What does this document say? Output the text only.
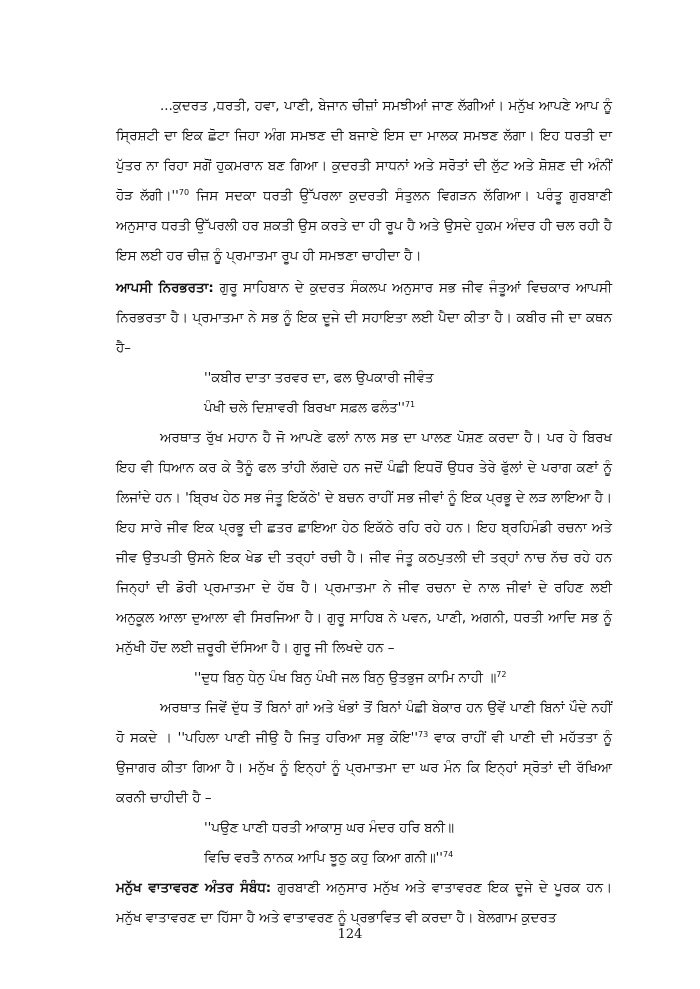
...ਕੁਦਰਤ ,ਧਰਤੀ, ਹਵਾ, ਪਾਣੀ, ਬੇਜਾਨ ਚੀਜ਼ਾਂ ਸਮਝੀਆਂ ਜਾਣ ਲੱਗੀਆਂ। ਮਨੁੱਖ ਆਪਣੇ ਆਪ ਨੂੰ ਸ੍ਰਿਸ਼ਟੀ ਦਾ ਇਕ ਛੋਟਾ ਜਿਹਾ ਅੰਗ ਸਮਝਣ ਦੀ ਬਜਾਏ ਇਸ ਦਾ ਮਾਲਕ ਸਮਝਣ ਲੱਗਾ। ਇਹ ਧਰਤੀ ਦਾ ਪੁੱਤਰ ਨਾ ਰਿਹਾ ਸਗੋਂ ਹੁਕਮਰਾਨ ਬਣ ਗਿਆ। ਕੁਦਰਤੀ ਸਾਧਨਾਂ ਅਤੇ ਸਰੋਤਾਂ ਦੀ ਲੁੱਟ ਅਤੇ ਸ਼ੋਸ਼ਣ ਦੀ ਅੰਨੀਂ ਹੋੜ $ਲੱਗੀ।''^{70}$ ਜਿਸ ਸਦਕਾ ਧਰਤੀ ਉੱਪਰਲਾ ਕੁਦਰਤੀ ਸੰਤੁਲਨ ਵਿਗੜਨ ਲੱਗਿਆ। ਪਰੰਤੂ ਗੁਰਬਾਣੀ ਅਨੁਸਾਰ ਧਰਤੀ ਉੱਪਰਲੀ ਹਰ ਸ਼ਕਤੀ ਉਸ ਕਰਤੇ ਦਾ ਹੀ ਰੂਪ ਹੈ ਅਤੇ ਉਸਦੇ ਹੁਕਮ ਅੰਦਰ ਹੀ ਚਲ ਰਹੀ ਹੈ ਇਸ ਲਈ ਹਰ ਚੀਜ਼ ਨੂੰ ਪ੍ਰਮਾਤਮਾ ਰੂਪ ਹੀ ਸਮਝਣਾ ਚਾਹੀਦਾ ਹੈ।

ਆਪਸੀ ਨਿਰਭਰਤਾ: ਗੁਰੂ ਸਾਹਿਬਾਨ ਦੇ ਕੁਦਰਤ ਸੰਕਲਪ ਅਨੁਸਾਰ ਸਭ ਜੀਵ ਜੰਤੂਆਂ ਵਿਚਕਾਰ ਆਪਸੀ ਨਿਰਭਰਤਾ ਹੈ। ਪ੍ਰਮਾਤਮਾ ਨੇ ਸਭ ਨੂੰ ਇਕ ਦੂਜੇ ਦੀ ਸਹਾਇਤਾ ਲਈ ਪੈਦਾ ਕੀਤਾ ਹੈ। ਕਬੀਰ ਜੀ ਦਾ ਕਥਨ ਹੈ–

''ਕਬੀਰ ਦਾਤਾ ਤਰਵਰ ਦਾ, ਫਲ ਉਪਕਾਰੀ ਜੀਵੰਤ

ਪੰਖੀ ਚਲੇ ਦਿਸ਼ਾਵਰੀ ਬਿਰਖਾ ਸਫ਼ਲ $ਫਲੰਤ''^{71}$

ਅਰਥਾਤ ਰੁੱਖ ਮਹਾਨ ਹੈ ਜੋ ਆਪਣੇ ਫਲਾਂ ਨਾਲ ਸਭ ਦਾ ਪਾਲਣ ਪੋਸ਼ਣ ਕਰਦਾ ਹੈ। ਪਰ ਹੇ ਬਿਰਖ ਇਹ ਵੀ ਧਿਆਨ ਕਰ ਕੇ ਤੈਨੂੰ ਫਲ ਤਾਂਹੀ ਲੱਗਦੇ ਹਨ ਜਦੋਂ ਪੰਛੀ ਇਧਰੋਂ ਉਧਰ ਤੇਰੇ ਫੁੱਲਾਂ ਦੇ ਪਰਾਗ ਕਣਾਂ ਨੂੰ ਲਿਜਾਂਦੇ ਹਨ। 'ਬ੍ਰਿਖ ਹੇਠ ਸਭ ਜੰਤੂ ਇਕੱਠੇ' ਦੇ ਬਚਨ ਰਾਹੀਂ ਸਭ ਜੀਵਾਂ ਨੂੰ ਇਕ ਪ੍ਰਭੂ ਦੇ ਲੜ ਲਾਇਆ ਹੈ। ਇਹ ਸਾਰੇ ਜੀਵ ਇਕ ਪ੍ਰਭੂ ਦੀ ਛਤਰ ਛਾਇਆ ਹੇਠ ਇਕੱਠੇ ਰਹਿ ਰਹੇ ਹਨ। ਇਹ ਬ੍ਰਹਿਮੰਡੀ ਰਚਨਾ ਅਤੇ ਜੀਵ ਉਤਪਤੀ ਉਸਨੇ ਇਕ ਖੇਡ ਦੀ ਤਰ੍ਹਾਂ ਰਚੀ ਹੈ। ਜੀਵ ਜੰਤੂ ਕਠਪੁਤਲੀ ਦੀ ਤਰ੍ਹਾਂ ਨਾਚ ਨੱਚ ਰਹੇ ਹਨ ਜਿਨ੍ਹਾਂ ਦੀ ਡੋਰੀ ਪ੍ਰਮਾਤਮਾ ਦੇ ਹੱਥ ਹੈ। ਪ੍ਰਮਾਤਮਾ ਨੇ ਜੀਵ ਰਚਨਾ ਦੇ ਨਾਲ ਜੀਵਾਂ ਦੇ ਰਹਿਣ ਲਈ ਅਨੁਕੂਲ ਆਲਾ ਦੁਆਲਾ ਵੀ ਸਿਰਜਿਆ ਹੈ। ਗੁਰੂ ਸਾਹਿਬ ਨੇ ਪਵਨ, ਪਾਣੀ, ਅਗਨੀ, ਧਰਤੀ ਆਦਿ ਸਭ ਨੂੰ ਮਨੁੱਖੀ ਹੋਂਦ ਲਈ ਜ਼ਰੂਰੀ ਦੱਸਿਆ ਹੈ। ਗੁਰੂ ਜੀ ਲਿਖਦੇ ਹਨ –

''ਦੁਧ ਬਿਨੁ ਧੇਨੁ ਪੰਖ ਬਿਨੁ ਪੰਖੀ ਜਲ ਬਿਨੁ ਉਤਭੁਜ ਕਾਮਿ ਨਾਹੀ ॥$^{72}$

ਅਰਥਾਤ ਜਿਵੇਂ ਦੁੱਧ ਤੋਂ ਬਿਨਾਂ ਗਾਂ ਅਤੇ ਖੰਭਾਂ ਤੋਂ ਬਿਨਾਂ ਪੰਛੀ ਬੇਕਾਰ ਹਨ ਉਵੇਂ ਪਾਣੀ ਬਿਨਾਂ ਪੌਦੇ ਨਹੀਂ ਹੋ ਸਕਦੇ । ''ਪਹਿਲਾ ਪਾਣੀ ਜੀਉ ਹੈ ਜਿਤੁ ਹਰਿਆ ਸਭੁ $ਕੋਇ''^{73}$ ਵਾਕ ਰਾਹੀਂ ਵੀ ਪਾਣੀ ਦੀ ਮਹੱਤਤਾ ਨੂੰ ਉਜਾਗਰ ਕੀਤਾ ਗਿਆ ਹੈ। ਮਨੁੱਖ ਨੂੰ ਇਨ੍ਹਾਂ ਨੂੰ ਪ੍ਰਮਾਤਮਾ ਦਾ ਘਰ ਮੰਨ ਕਿ ਇਨ੍ਹਾਂ ਸ੍ਰੋਤਾਂ ਦੀ ਰੱਖਿਆ ਕਰਨੀ ਚਾਹੀਦੀ ਹੈ –

''ਪਉਣ ਪਾਣੀ ਧਰਤੀ ਆਕਾਸੁ ਘਰ ਮੰਦਰ ਹਰਿ ਬਨੀ॥

ਵਿਚਿ ਵਰਤੈ ਨਾਨਕ ਆਪਿ ਝੂਠੁ ਕਹੁ ਕਿਆ $ਗਨੀ॥''^{74}$

ਮਨੁੱਖ ਵਾਤਾਵਰਣ ਅੰਤਰ ਸੰਬੰਧ: ਗੁਰਬਾਣੀ ਅਨੁਸਾਰ ਮਨੁੱਖ ਅਤੇ ਵਾਤਾਵਰਣ ਇਕ ਦੂਜੇ ਦੇ ਪੂਰਕ ਹਨ। ਮਨੁੱਖ ਵਾਤਾਵਰਣ ਦਾ ਹਿੱਸਾ ਹੈ ਅਤੇ ਵਾਤਾਵਰਣ ਨੂੰ ਪ੍ਰਭਾਵਿਤ ਵੀ ਕਰਦਾ ਹੈ। ਬੇਲਗਾਮ ਕੁਦਰਤ

124
